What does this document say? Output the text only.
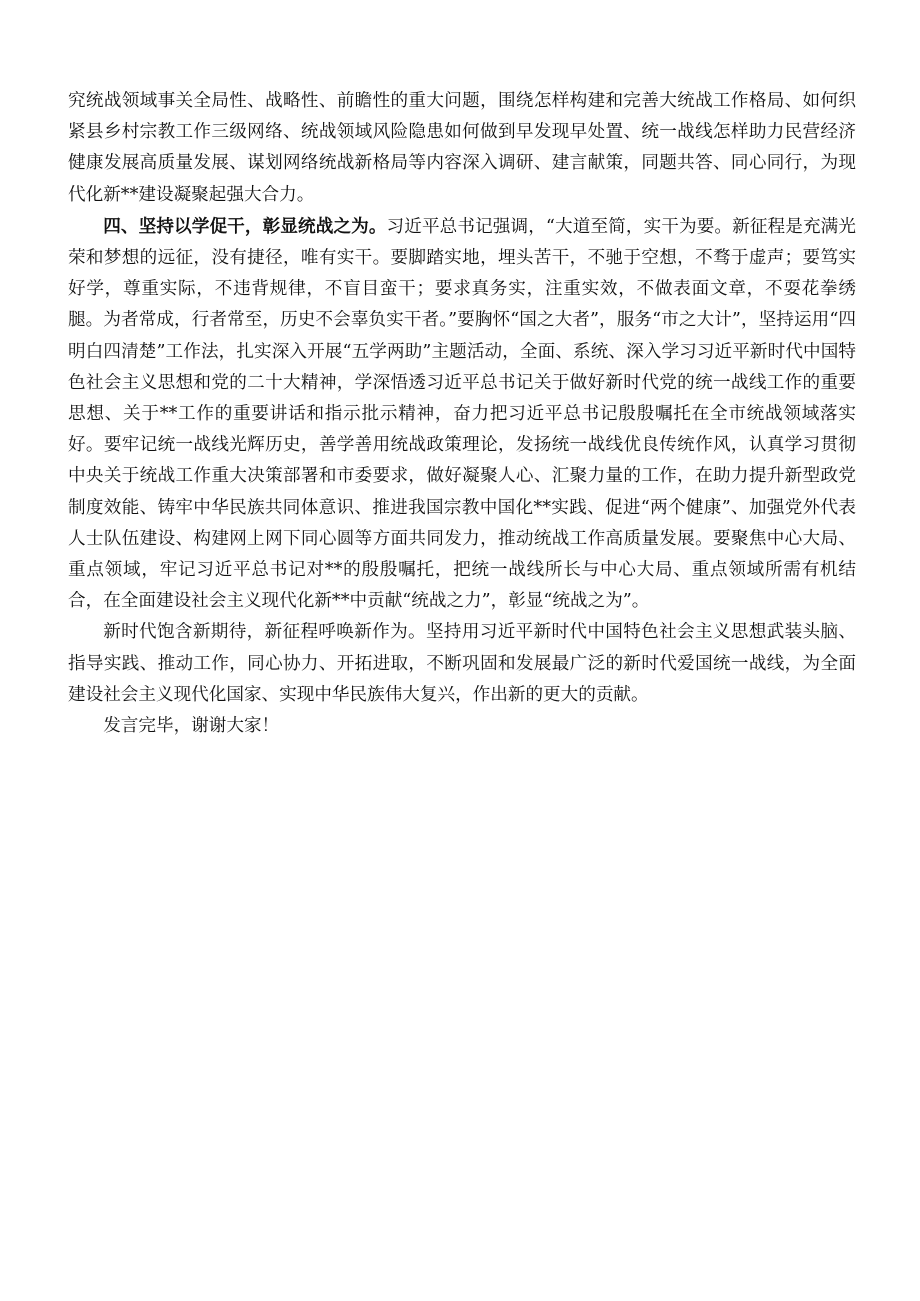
究统战领域事关全局性、战略性、前瞻性的重大问题，围绕怎样构建和完善大统战工作格局、如何织紧县乡村宗教工作三级网络、统战领域风险隐患如何做到早发现早处置、统一战线怎样助力民营经济健康发展高质量发展、谋划网络统战新格局等内容深入调研、建言献策，同题共答、同心同行，为现代化新**建设凝聚起强大合力。

四、坚持以学促干，彰显统战之为。习近平总书记强调，“大道至简，实干为要。新征程是充满光荣和梦想的远征，没有捷径，唯有实干。要脚踏实地，埋头苦干，不驰于空想，不骛于虚声；要笃实好学，尊重实际，不违背规律，不盲目蛮干；要求真务实，注重实效，不做表面文章，不耍花拳绣腿。为者常成，行者常至，历史不会辜负实干者。”要胸怀“国之大者”，服务“市之大计”，坚持运用“四明白四清楚”工作法，扎实深入开展“五学两助”主题活动，全面、系统、深入学习习近平新时代中国特色社会主义思想和党的二十大精神，学深悟透习近平总书记关于做好新时代党的统一战线工作的重要思想、关于**工作的重要讲话和指示批示精神，奋力把习近平总书记殷殷嘱托在全市统战领域落实好。要牢记统一战线光辉历史，善学善用统战政策理论，发扬统一战线优良传统作风，认真学习贯彻中央关于统战工作重大决策部署和市委要求，做好凝聚人心、汇聚力量的工作，在助力提升新型政党制度效能、铸牢中华民族共同体意识、推进我国宗教中国化**实践、促进“两个健康”、加强党外代表人士队伍建设、构建网上网下同心圆等方面共同发力，推动统战工作高质量发展。要聚焦中心大局、重点领域，牢记习近平总书记对**的殷殷嘱托，把统一战线所长与中心大局、重点领域所需有机结合，在全面建设社会主义现代化新**中贡献“统战之力”，彰显“统战之为”。

新时代饱含新期待，新征程呼唤新作为。坚持用习近平新时代中国特色社会主义思想武装头脑、指导实践、推动工作，同心协力、开拓进取，不断巩固和发展最广泛的新时代爱国统一战线，为全面建设社会主义现代化国家、实现中华民族伟大复兴，作出新的更大的贡献。

发言完毕，谢谢大家！
